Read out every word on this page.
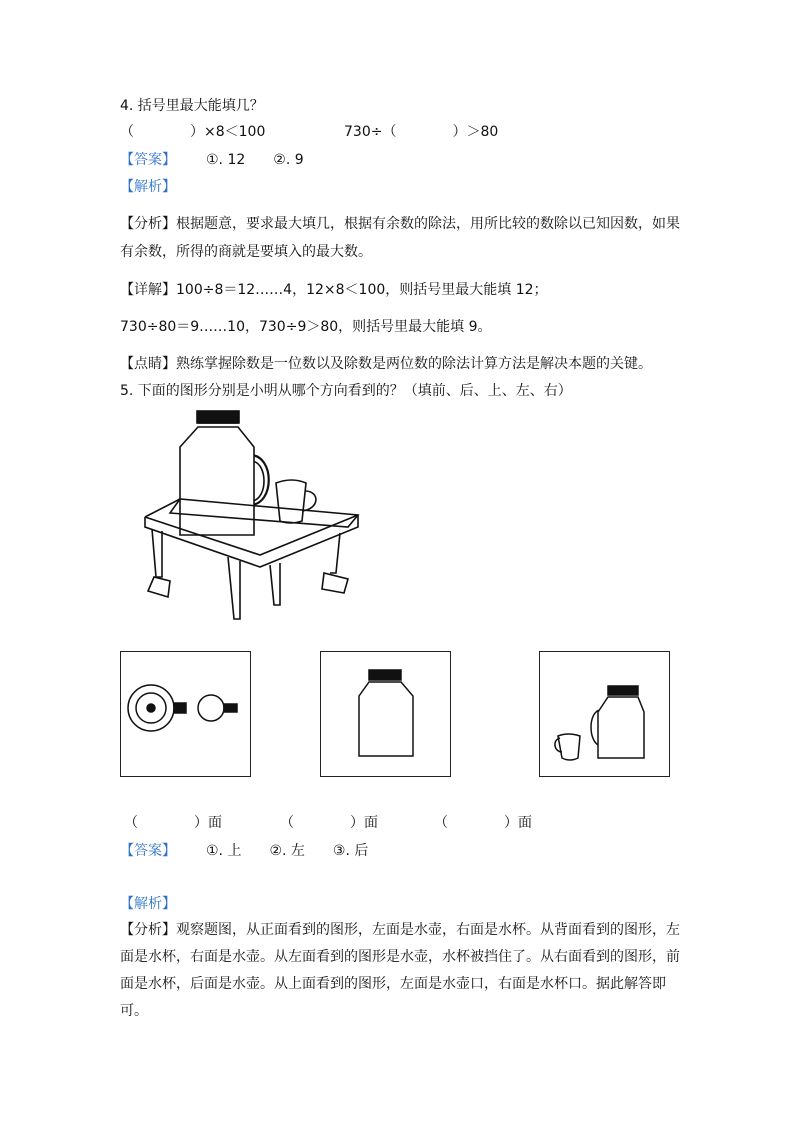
4. 括号里最大能填几？
（　　　　）×8＜100	730÷（　　　　）＞80
【答案】 ①. 12　　②. 9
【解析】
【分析】根据题意，要求最大填几，根据有余数的除法，用所比较的数除以已知因数，如果有余数，所得的商就是要填入的最大数。
【详解】100÷8＝12……4，12×8＜100，则括号里最大能填 12；
730÷80＝9……10，730÷9＞80，则括号里最大能填 9。
【点睛】熟练掌握除数是一位数以及除数是两位数的除法计算方法是解决本题的关键。
5. 下面的图形分别是小明从哪个方向看到的？（填前、后、上、左、右）
（　　　　）面	（　　　　）面	（　　　　）面
【答案】 ①. 上　　②. 左　　③. 后
【解析】
【分析】观察题图，从正面看到的图形，左面是水壶，右面是水杯。从背面看到的图形，左面是水杯，右面是水壶。从左面看到的图形是水壶，水杯被挡住了。从右面看到的图形，前面是水杯，后面是水壶。从上面看到的图形，左面是水壶口，右面是水杯口。据此解答即可。
